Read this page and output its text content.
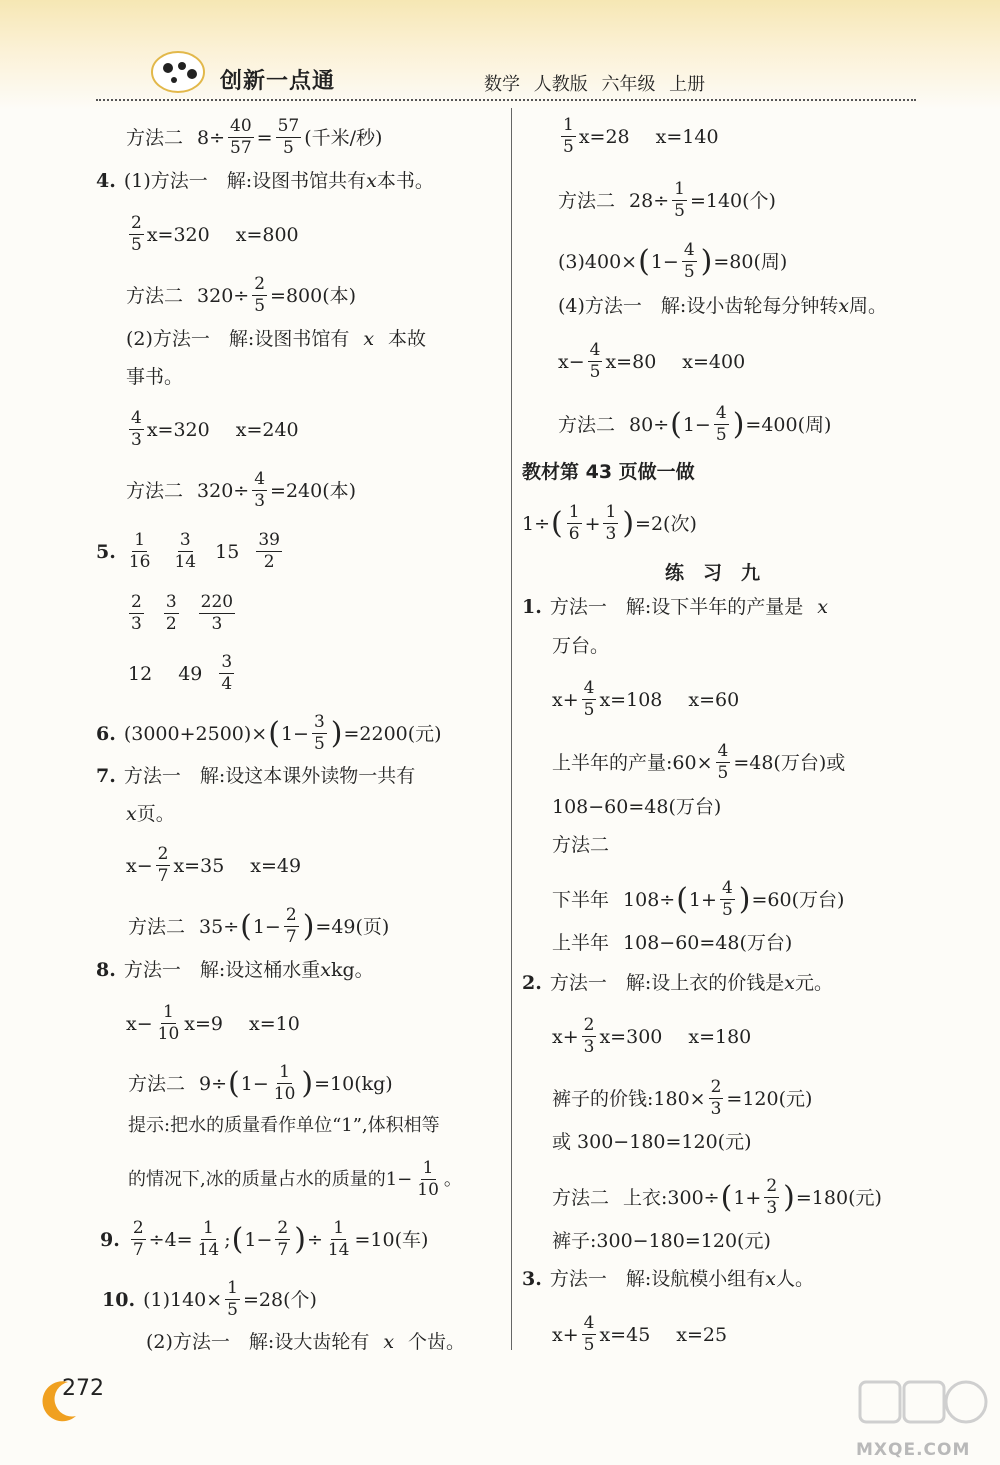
创新一点通	数学 人教版 六年级 上册
方法二 $8\div \frac{40}{57} = \frac{57}{5}$ (千米/秒)
4. (1)方法一　解:设图书馆共有 x 本书。
$\frac{2}{5} x=320$ x=800
方法二 $320\div \frac{2}{5} =800$(本)
(2)方法一　解:设图书馆有 x 本故
事书。
$\frac{4}{3} x=320$ x=240
方法二 $320\div \frac{4}{3} =240$(本)
5. $\frac{1}{16} \frac{3}{14} 15 \frac{39}{2}$
$\frac{2}{3} \frac{3}{2} \frac{220}{3}$
12 $49 \frac{3}{4}$
6. (3000+2500)× ( $1- \frac{3}{5}$ ) =2200(元)
7. 方法一　解:设这本课外读物一共有
x 页。
$x- \frac{2}{7} x=35$ x=49
方法二 35÷ ( $1- \frac{2}{7}$ ) =49(页)
8. 方法一　解:设这桶水重 x kg。
$x- \frac{1}{10} x=9$ x=10
方法二 9÷ ( $1- \frac{1}{10}$ ) =10(kg)
提示:把水的质量看作单位“1”,体积相等
的情况下,冰的质量占水的质量的$1- \frac{1}{10}$ 。
9. $\frac{2}{7} \div 4= \frac{1}{14}$ ; ( $1- \frac{2}{7}$ ) ÷ $\frac{1}{14} =10$(车)
10. $(1)140\times \frac{1}{5} =28$(个)
(2)方法一　解:设大齿轮有 x 个齿。
$\frac{1}{5} x=28$ x=140
方法二 $28\div \frac{1}{5} =140$(个)
(3)400× ( $1- \frac{4}{5}$ ) =80(周)
(4)方法一　解:设小齿轮每分钟转 x 周。
$x- \frac{4}{5} x=80$ x=400
方法二 80÷ ( $1- \frac{4}{5}$ ) =400(周)
教材第 43 页做一做
1÷ ( $\frac{1}{6} + \frac{1}{3}$ ) =2(次)
练　习　九
1. 方法一　解:设下半年的产量是 x
万台。
$x+ \frac{4}{5} x=108$ x=60
上半年的产量:60× $\frac{4}{5} =48$(万台)或
108−60=48(万台)
方法二
下半年 108÷ ( $1+ \frac{4}{5}$ ) =60(万台)
上半年 108−60=48(万台)
2. 方法一　解:设上衣的价钱是 x 元。
$x+ \frac{2}{3} x=300$ x=180
裤子的价钱:180× $\frac{2}{3} =120$(元)
或 300−180=120(元)
方法二 上衣:300÷ ( $1+ \frac{2}{3}$ ) =180(元)
裤子:300−180=120(元)
3. 方法一　解:设航模小组有 x 人。
$x+ \frac{4}{5} x=45$ x=25
272
MXQE.COM
